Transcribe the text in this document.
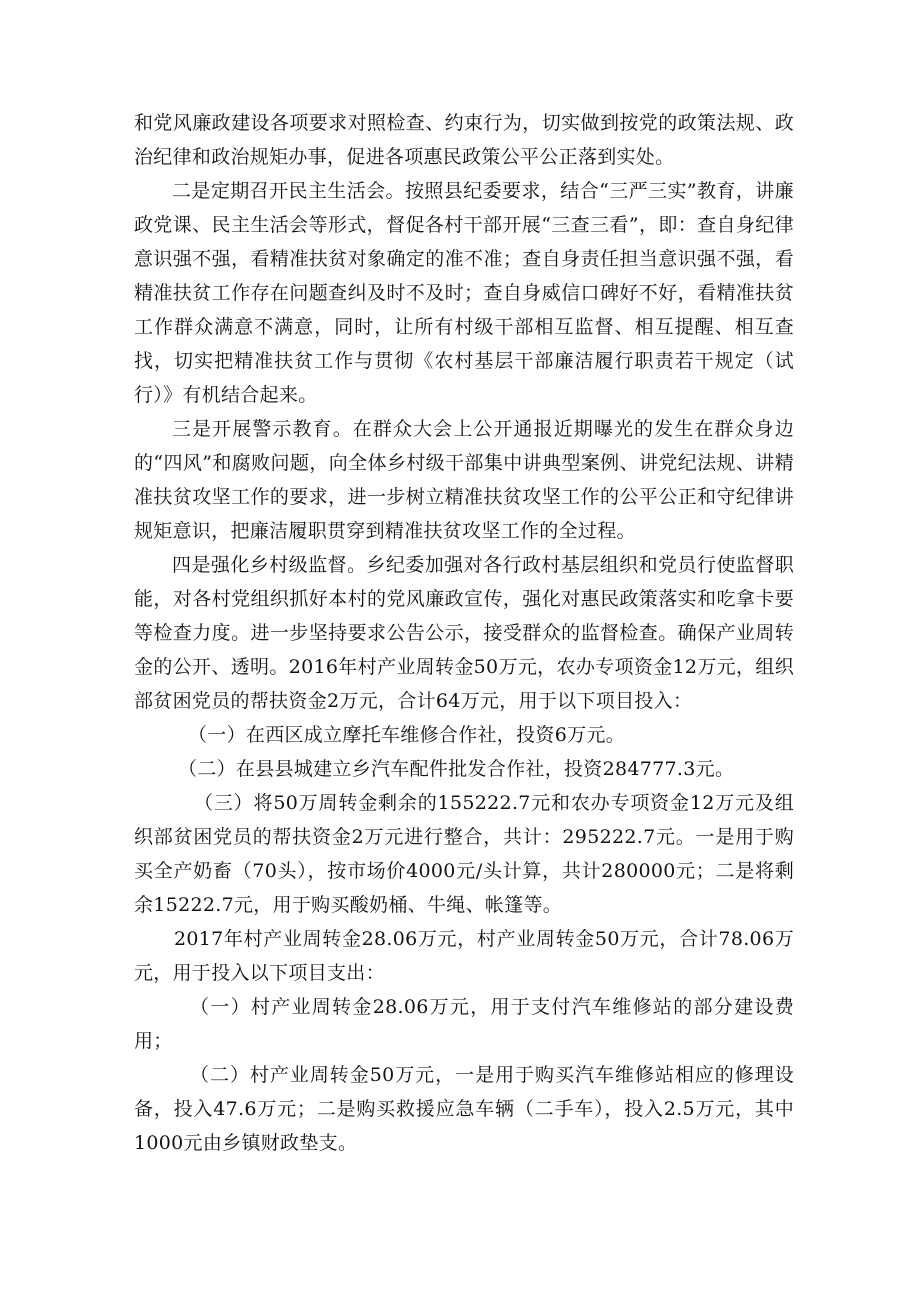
和党风廉政建设各项要求对照检查、约束行为，切实做到按党的政策法规、政治纪律和政治规矩办事，促进各项惠民政策公平公正落到实处。

二是定期召开民主生活会。按照县纪委要求，结合“三严三实”教育，讲廉政党课、民主生活会等形式，督促各村干部开展“三查三看”，即：查自身纪律意识强不强，看精准扶贫对象确定的准不准；查自身责任担当意识强不强，看精准扶贫工作存在问题查纠及时不及时；查自身威信口碑好不好，看精准扶贫工作群众满意不满意，同时，让所有村级干部相互监督、相互提醒、相互查找，切实把精准扶贫工作与贯彻《农村基层干部廉洁履行职责若干规定（试行）》有机结合起来。

三是开展警示教育。在群众大会上公开通报近期曝光的发生在群众身边的“四风”和腐败问题，向全体乡村级干部集中讲典型案例、讲党纪法规、讲精准扶贫攻坚工作的要求，进一步树立精准扶贫攻坚工作的公平公正和守纪律讲规矩意识，把廉洁履职贯穿到精准扶贫攻坚工作的全过程。

四是强化乡村级监督。乡纪委加强对各行政村基层组织和党员行使监督职能，对各村党组织抓好本村的党风廉政宣传，强化对惠民政策落实和吃拿卡要等检查力度。进一步坚持要求公告公示，接受群众的监督检查。确保产业周转金的公开、透明。2016年村产业周转金50万元，农办专项资金12万元，组织部贫困党员的帮扶资金2万元，合计64万元，用于以下项目投入：

（一）在西区成立摩托车维修合作社，投资6万元。

（二）在县县城建立乡汽车配件批发合作社，投资284777.3元。

（三）将50万周转金剩余的155222.7元和农办专项资金12万元及组织部贫困党员的帮扶资金2万元进行整合，共计：295222.7元。一是用于购买全产奶畜（70头），按市场价4000元/头计算，共计280000元；二是将剩余15222.7元，用于购买酸奶桶、牛绳、帐篷等。

2017年村产业周转金28.06万元，村产业周转金50万元，合计78.06万元，用于投入以下项目支出：

（一）村产业周转金28.06万元，用于支付汽车维修站的部分建设费用；

（二）村产业周转金50万元，一是用于购买汽车维修站相应的修理设备，投入47.6万元；二是购买救援应急车辆（二手车），投入2.5万元，其中1000元由乡镇财政垫支。
